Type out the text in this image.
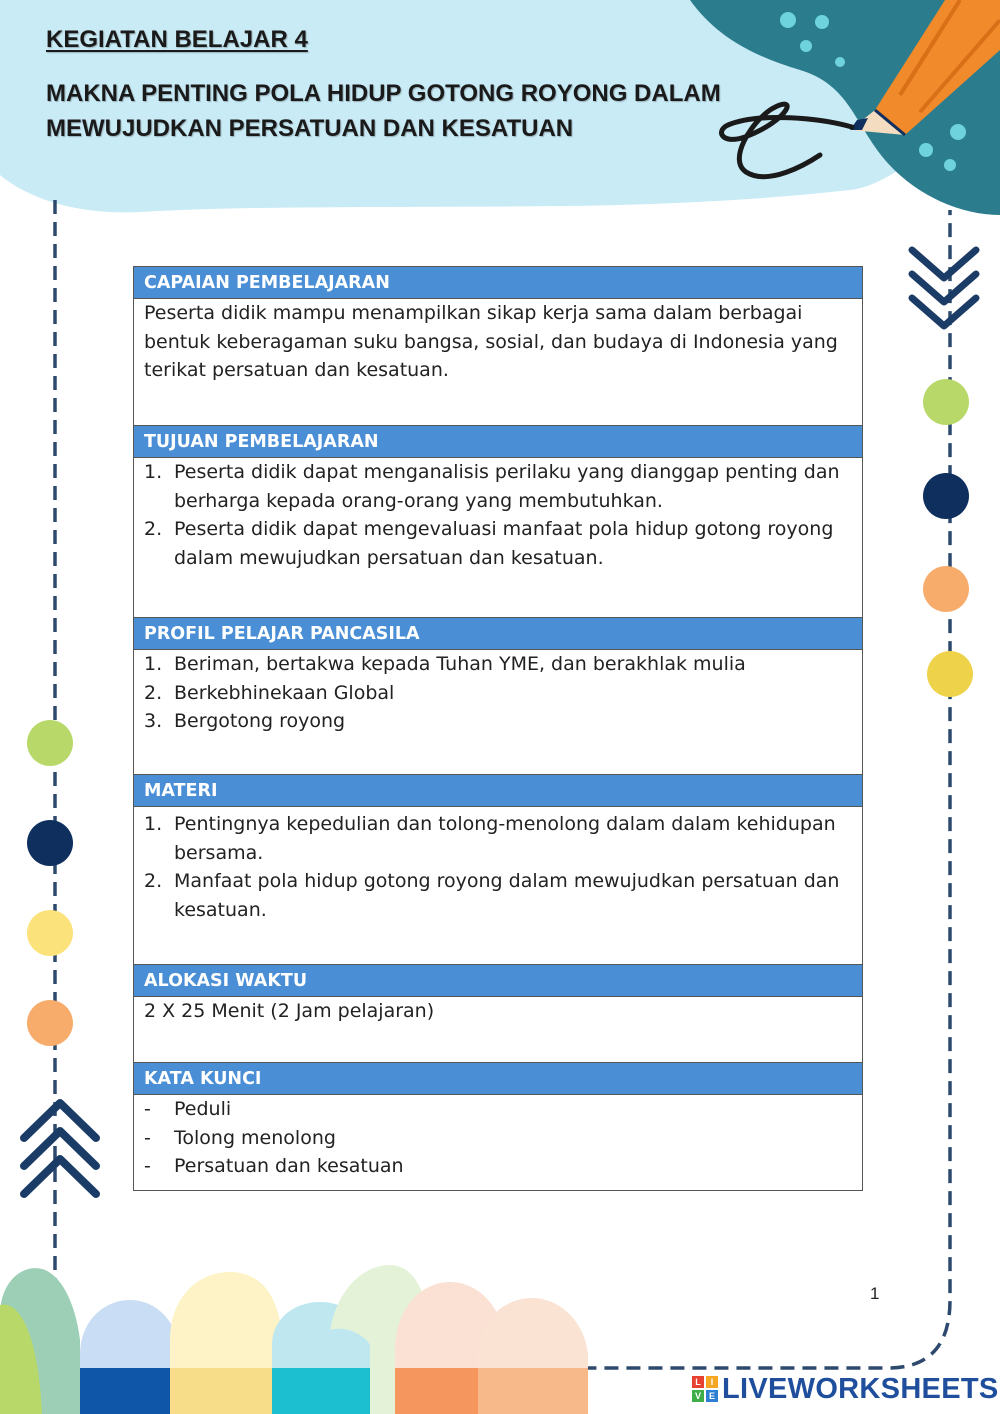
KEGIATAN BELAJAR 4
MAKNA PENTING POLA HIDUP GOTONG ROYONG DALAM MEWUJUDKAN PERSATUAN DAN KESATUAN
CAPAIAN PEMBELAJARAN

Peserta didik mampu menampilkan sikap kerja sama dalam berbagai bentuk keberagaman suku bangsa, sosial, dan budaya di Indonesia yang terikat persatuan dan kesatuan.

TUJUAN PEMBELAJARAN
1. Peserta didik dapat menganalisis perilaku yang dianggap penting dan berharga kepada orang-orang yang membutuhkan.
2. Peserta didik dapat mengevaluasi manfaat pola hidup gotong royong dalam mewujudkan persatuan dan kesatuan.
PROFIL PELAJAR PANCASILA
1. Beriman, bertakwa kepada Tuhan YME, dan berakhlak mulia
2. Berkebhinekaan Global
3. Bergotong royong
MATERI
1. Pentingnya kepedulian dan tolong-menolong dalam dalam kehidupan bersama.
2. Manfaat pola hidup gotong royong dalam mewujudkan persatuan dan kesatuan.
ALOKASI WAKTU

2 X 25 Menit (2 Jam pelajaran)

KATA KUNCI
- Peduli
- Tolong menolong
- Persatuan dan kesatuan
1
L	I
V E LIVEWORKSHEETS
